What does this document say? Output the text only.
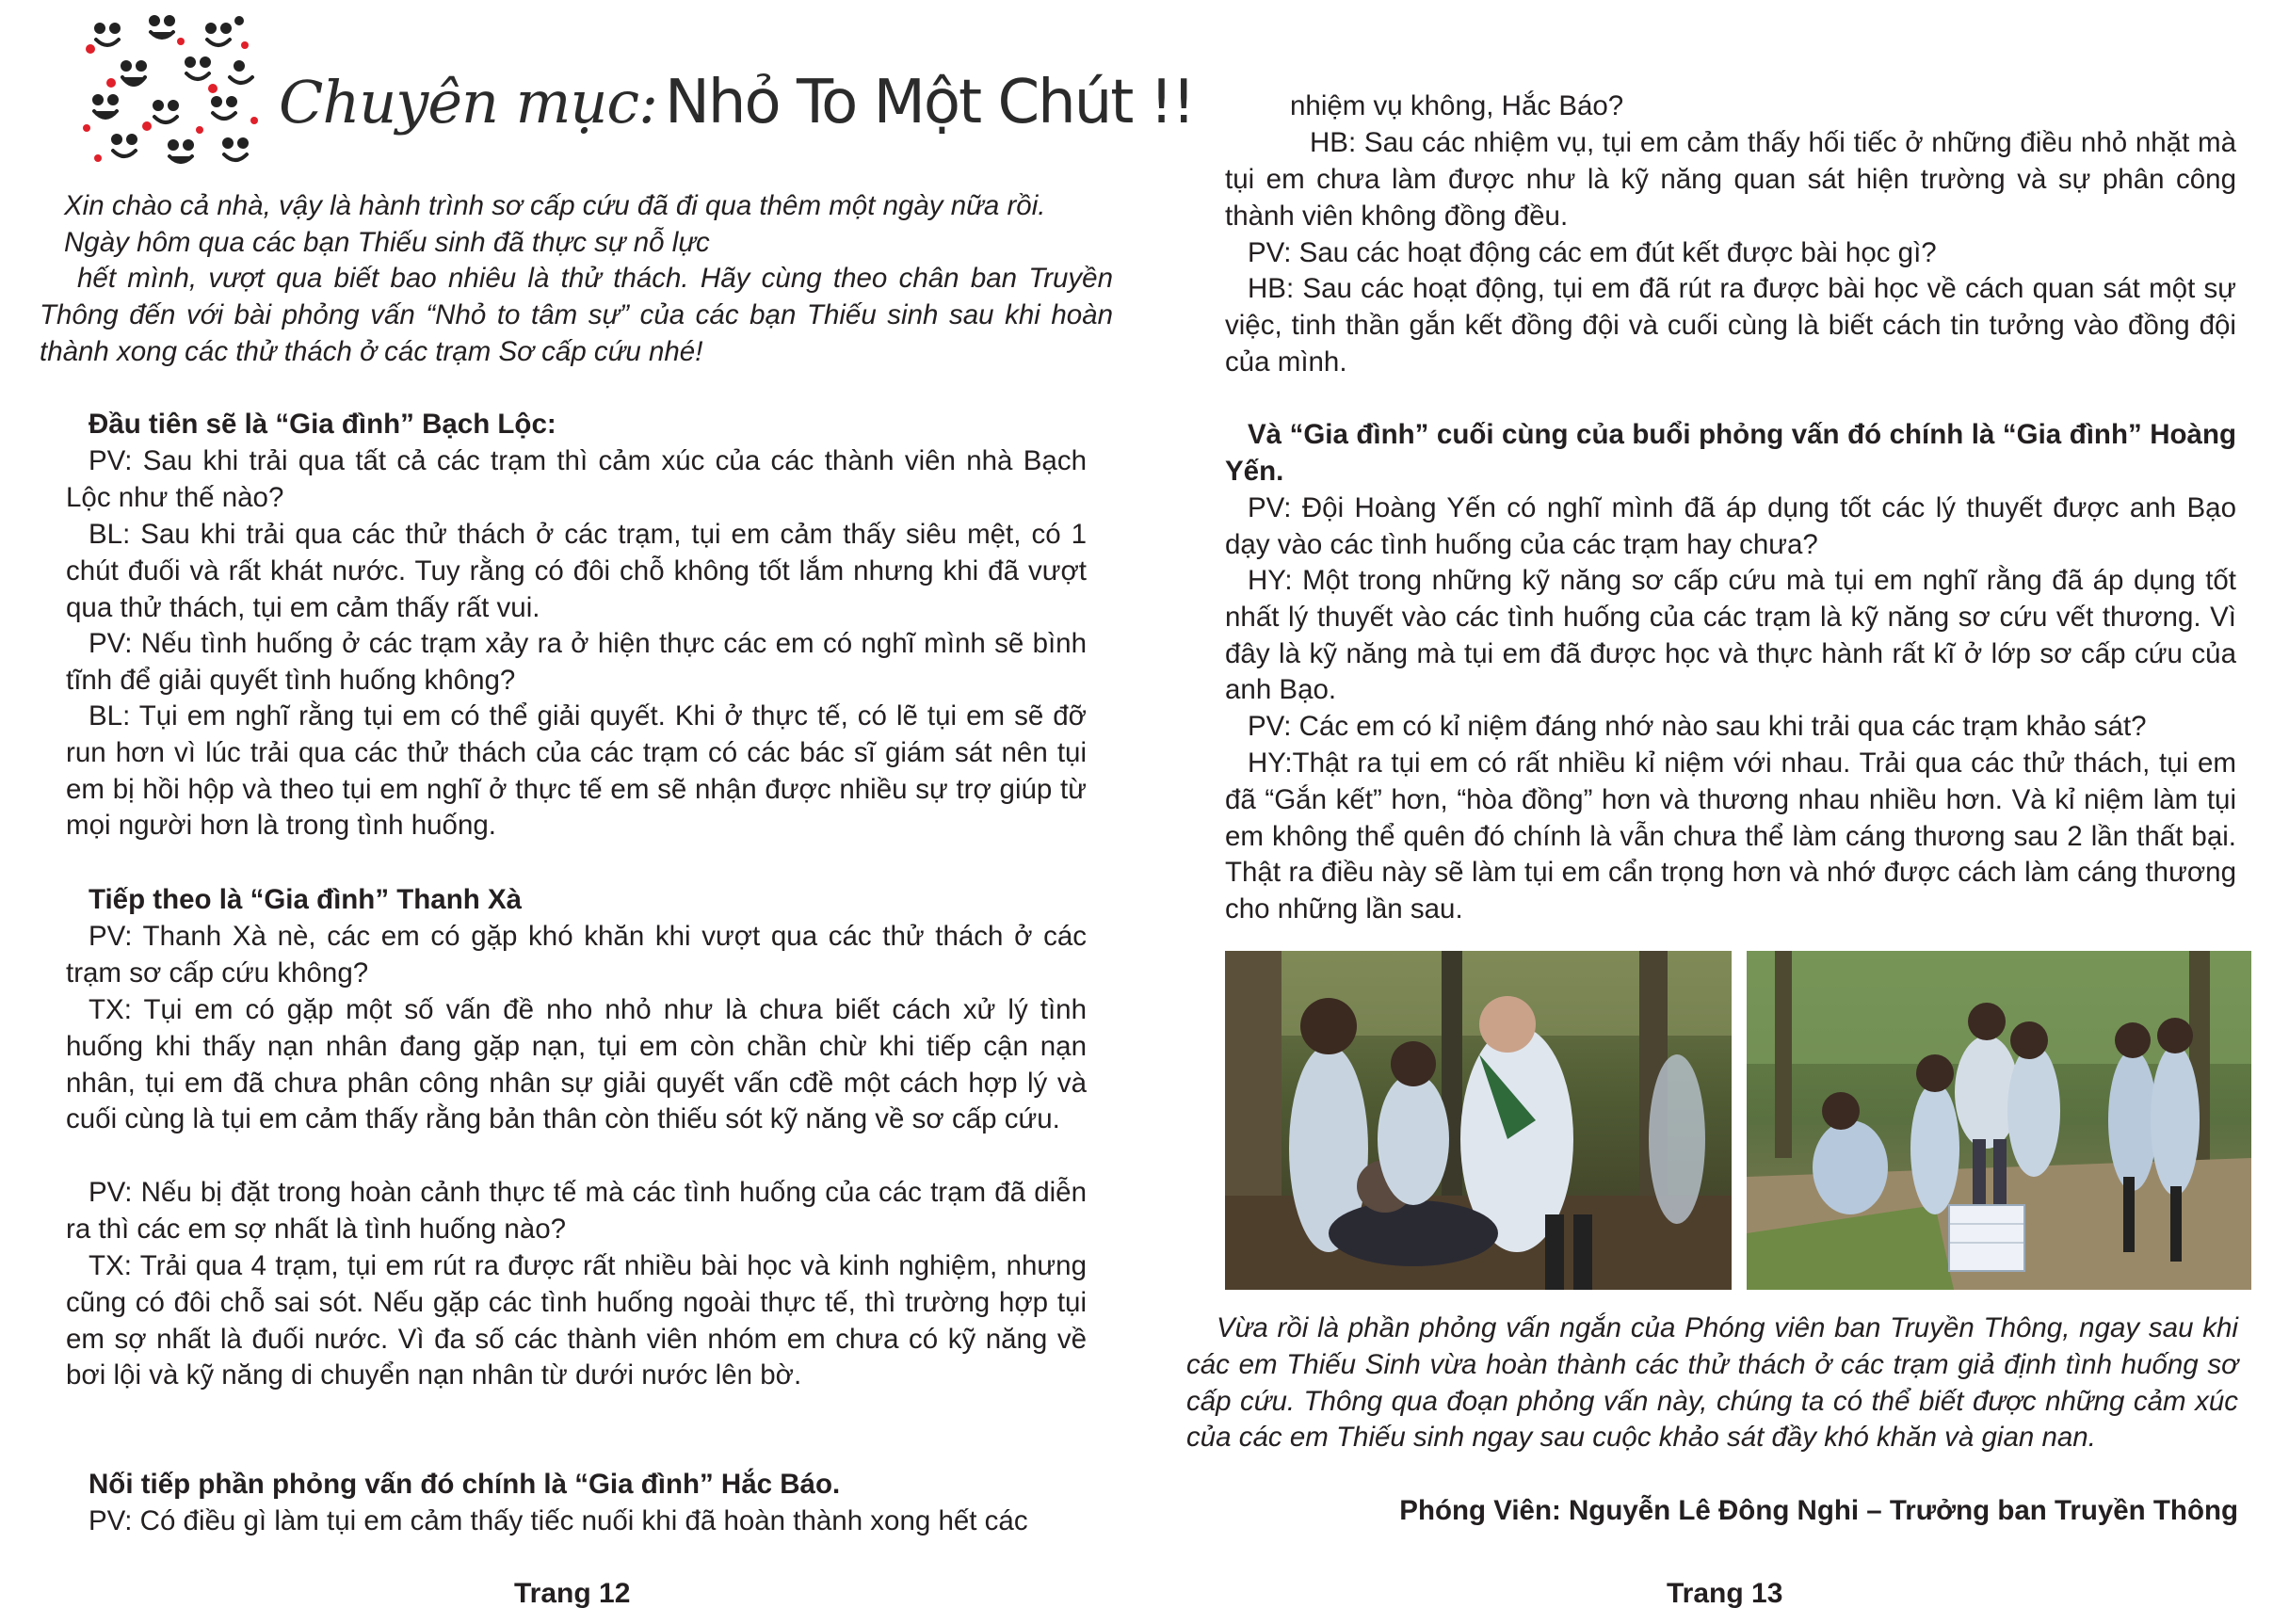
Chuyên mục: Nhỏ To Một Chút !!
Xin chào cả nhà, vậy là hành trình sơ cấp cứu đã đi qua thêm một ngày nữa rồi. Ngày hôm qua các bạn Thiếu sinh đã thực sự nỗ lực
hết mình, vượt qua biết bao nhiêu là thử thách. Hãy cùng theo chân ban Truyền Thông đến với bài phỏng vấn “Nhỏ to tâm sự” của các bạn Thiếu sinh sau khi hoàn thành xong các thử thách ở các trạm Sơ cấp cứu nhé!
Đầu tiên sẽ là “Gia đình” Bạch Lộc:
PV: Sau khi trải qua tất cả các trạm thì cảm xúc của các thành viên nhà Bạch Lộc như thế nào?
BL: Sau khi trải qua các thử thách ở các trạm, tụi em cảm thấy siêu mệt, có 1 chút đuối và rất khát nước. Tuy rằng có đôi chỗ không tốt lắm nhưng khi đã vượt qua thử thách, tụi em cảm thấy rất vui.
PV: Nếu tình huống ở các trạm xảy ra ở hiện thực các em có nghĩ mình sẽ bình tĩnh để giải quyết tình huống không?
BL: Tụi em nghĩ rằng tụi em có thể giải quyết. Khi ở thực tế, có lẽ tụi em sẽ đỡ run hơn vì lúc trải qua các thử thách của các trạm có các bác sĩ giám sát nên tụi em bị hồi hộp và theo tụi em nghĩ ở thực tế em sẽ nhận được nhiều sự trợ giúp từ mọi người hơn là trong tình huống.
Tiếp theo là “Gia đình” Thanh Xà
PV: Thanh Xà nè, các em có gặp khó khăn khi vượt qua các thử thách ở các trạm sơ cấp cứu không?
TX: Tụi em có gặp một số vấn đề nho nhỏ như là chưa biết cách xử lý tình huống khi thấy nạn nhân đang gặp nạn, tụi em còn chần chừ khi tiếp cận nạn nhân, tụi em đã chưa phân công nhân sự giải quyết vấn cđề một cách hợp lý và cuối cùng là tụi em cảm thấy rằng bản thân còn thiếu sót kỹ năng về sơ cấp cứu.
PV: Nếu bị đặt trong hoàn cảnh thực tế mà các tình huống của các trạm đã diễn ra thì các em sợ nhất là tình huống nào?
TX: Trải qua 4 trạm, tụi em rút ra được rất nhiều bài học và kinh nghiệm, nhưng cũng có đôi chỗ sai sót. Nếu gặp các tình huống ngoài thực tế, thì trường hợp tụi em sợ nhất là đuối nước. Vì đa số các thành viên nhóm em chưa có kỹ năng về bơi lội và kỹ năng di chuyển nạn nhân từ dưới nước lên bờ.
Nối tiếp phần phỏng vấn đó chính là “Gia đình” Hắc Báo.
PV: Có điều gì làm tụi em cảm thấy tiếc nuối khi đã hoàn thành xong hết các
Trang 12
nhiệm vụ không, Hắc Báo?
HB: Sau các nhiệm vụ, tụi em cảm thấy hối tiếc ở những điều nhỏ nhặt mà tụi em chưa làm được như là kỹ năng quan sát hiện trường và sự phân công thành viên không đồng đều.
PV: Sau các hoạt động các em đút kết được bài học gì?
HB: Sau các hoạt động, tụi em đã rút ra được bài học về cách quan sát một sự việc, tinh thần gắn kết đồng đội và cuối cùng là biết cách tin tưởng vào đồng đội của mình.
Và “Gia đình” cuối cùng của buổi phỏng vấn đó chính là “Gia đình” Hoàng Yến.
PV: Đội Hoàng Yến có nghĩ mình đã áp dụng tốt các lý thuyết được anh Bạo dạy vào các tình huống của các trạm hay chưa?
HY: Một trong những kỹ năng sơ cấp cứu mà tụi em nghĩ rằng đã áp dụng tốt nhất lý thuyết vào các tình huống của các trạm là kỹ năng sơ cứu vết thương. Vì đây là kỹ năng mà tụi em đã được học và thực hành rất kĩ ở lớp sơ cấp cứu của anh Bạo.
PV: Các em có kỉ niệm đáng nhớ nào sau khi trải qua các trạm khảo sát?
HY:Thật ra tụi em có rất nhiều kỉ niệm với nhau. Trải qua các thử thách, tụi em đã “Gắn kết” hơn, “hòa đồng” hơn và thương nhau nhiều hơn. Và kỉ niệm làm tụi em không thể quên đó chính là vẫn chưa thể làm cáng thương sau 2 lần thất bại. Thật ra điều này sẽ làm tụi em cẩn trọng hơn và nhớ được cách làm cáng thương cho những lần sau.
Vừa rồi là phần phỏng vấn ngắn của Phóng viên ban Truyền Thông, ngay sau khi các em Thiếu Sinh vừa hoàn thành các thử thách ở các trạm giả định tình huống sơ cấp cứu. Thông qua đoạn phỏng vấn này, chúng ta có thể biết được những cảm xúc của các em Thiếu sinh ngay sau cuộc khảo sát đầy khó khăn và gian nan.
Phóng Viên: Nguyễn Lê Đông Nghi – Trưởng ban Truyền Thông
Trang 13
